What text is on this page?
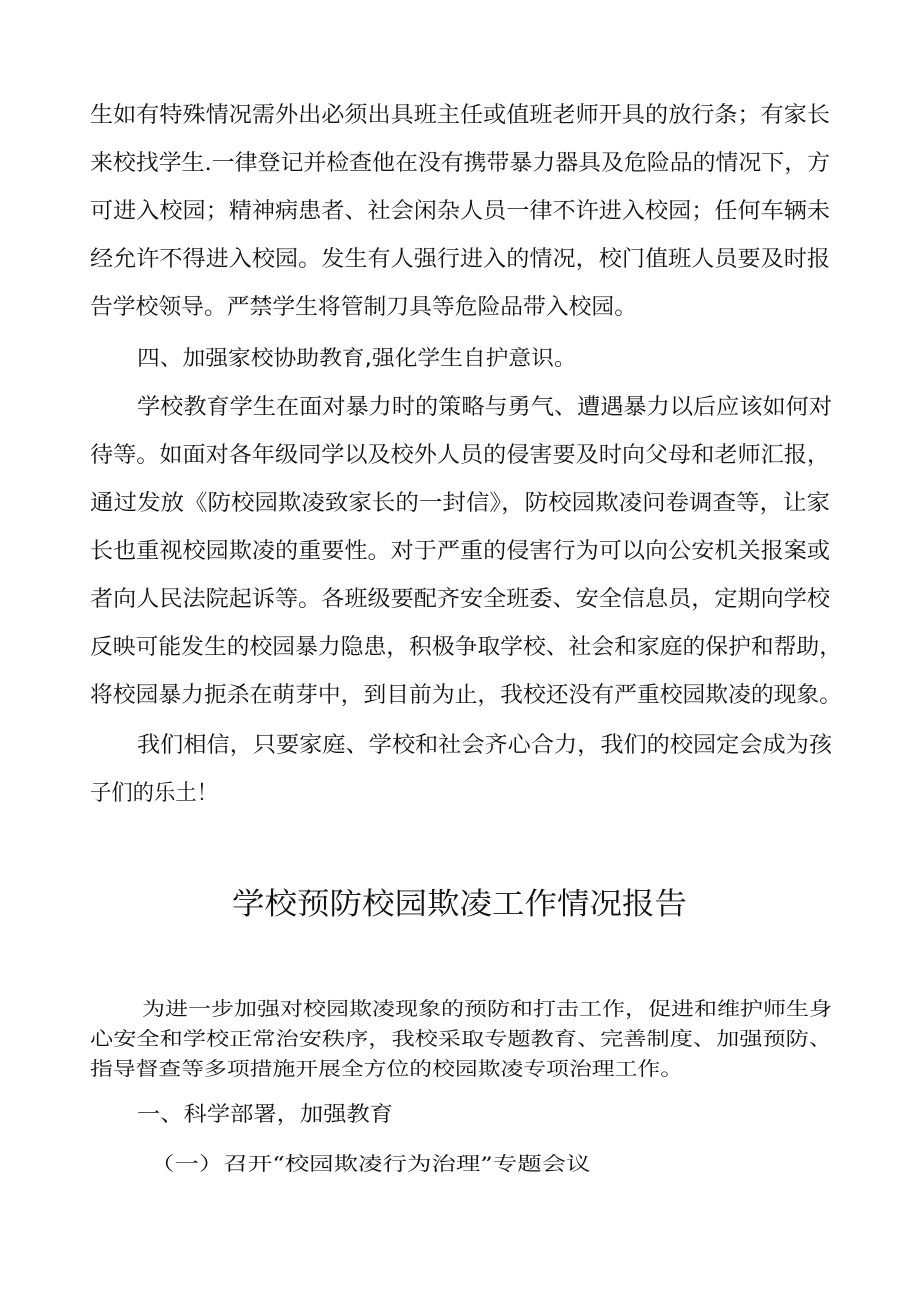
生如有特殊情况需外出必须出具班主任或值班老师开具的放行条；有家长
来校找学生.一律登记并检查他在没有携带暴力器具及危险品的情况下，方
可进入校园；精神病患者、社会闲杂人员一律不许进入校园；任何车辆未
经允许不得进入校园。发生有人强行进入的情况，校门值班人员要及时报
告学校领导。严禁学生将管制刀具等危险品带入校园。
四、加强家校协助教育,强化学生自护意识。
学校教育学生在面对暴力时的策略与勇气、遭遇暴力以后应该如何对
待等。如面对各年级同学以及校外人员的侵害要及时向父母和老师汇报，
通过发放《防校园欺凌致家长的一封信》，防校园欺凌问卷调查等，让家
长也重视校园欺凌的重要性。对于严重的侵害行为可以向公安机关报案或
者向人民法院起诉等。各班级要配齐安全班委、安全信息员，定期向学校
反映可能发生的校园暴力隐患，积极争取学校、社会和家庭的保护和帮助，
将校园暴力扼杀在萌芽中，到目前为止，我校还没有严重校园欺凌的现象。
我们相信，只要家庭、学校和社会齐心合力，我们的校园定会成为孩
子们的乐土！
学校预防校园欺凌工作情况报告
为进一步加强对校园欺凌现象的预防和打击工作，促进和维护师生身
心安全和学校正常治安秩序，我校采取专题教育、完善制度、加强预防、
指导督查等多项措施开展全方位的校园欺凌专项治理工作。
一、科学部署，加强教育
（一）召开“校园欺凌行为治理”专题会议
